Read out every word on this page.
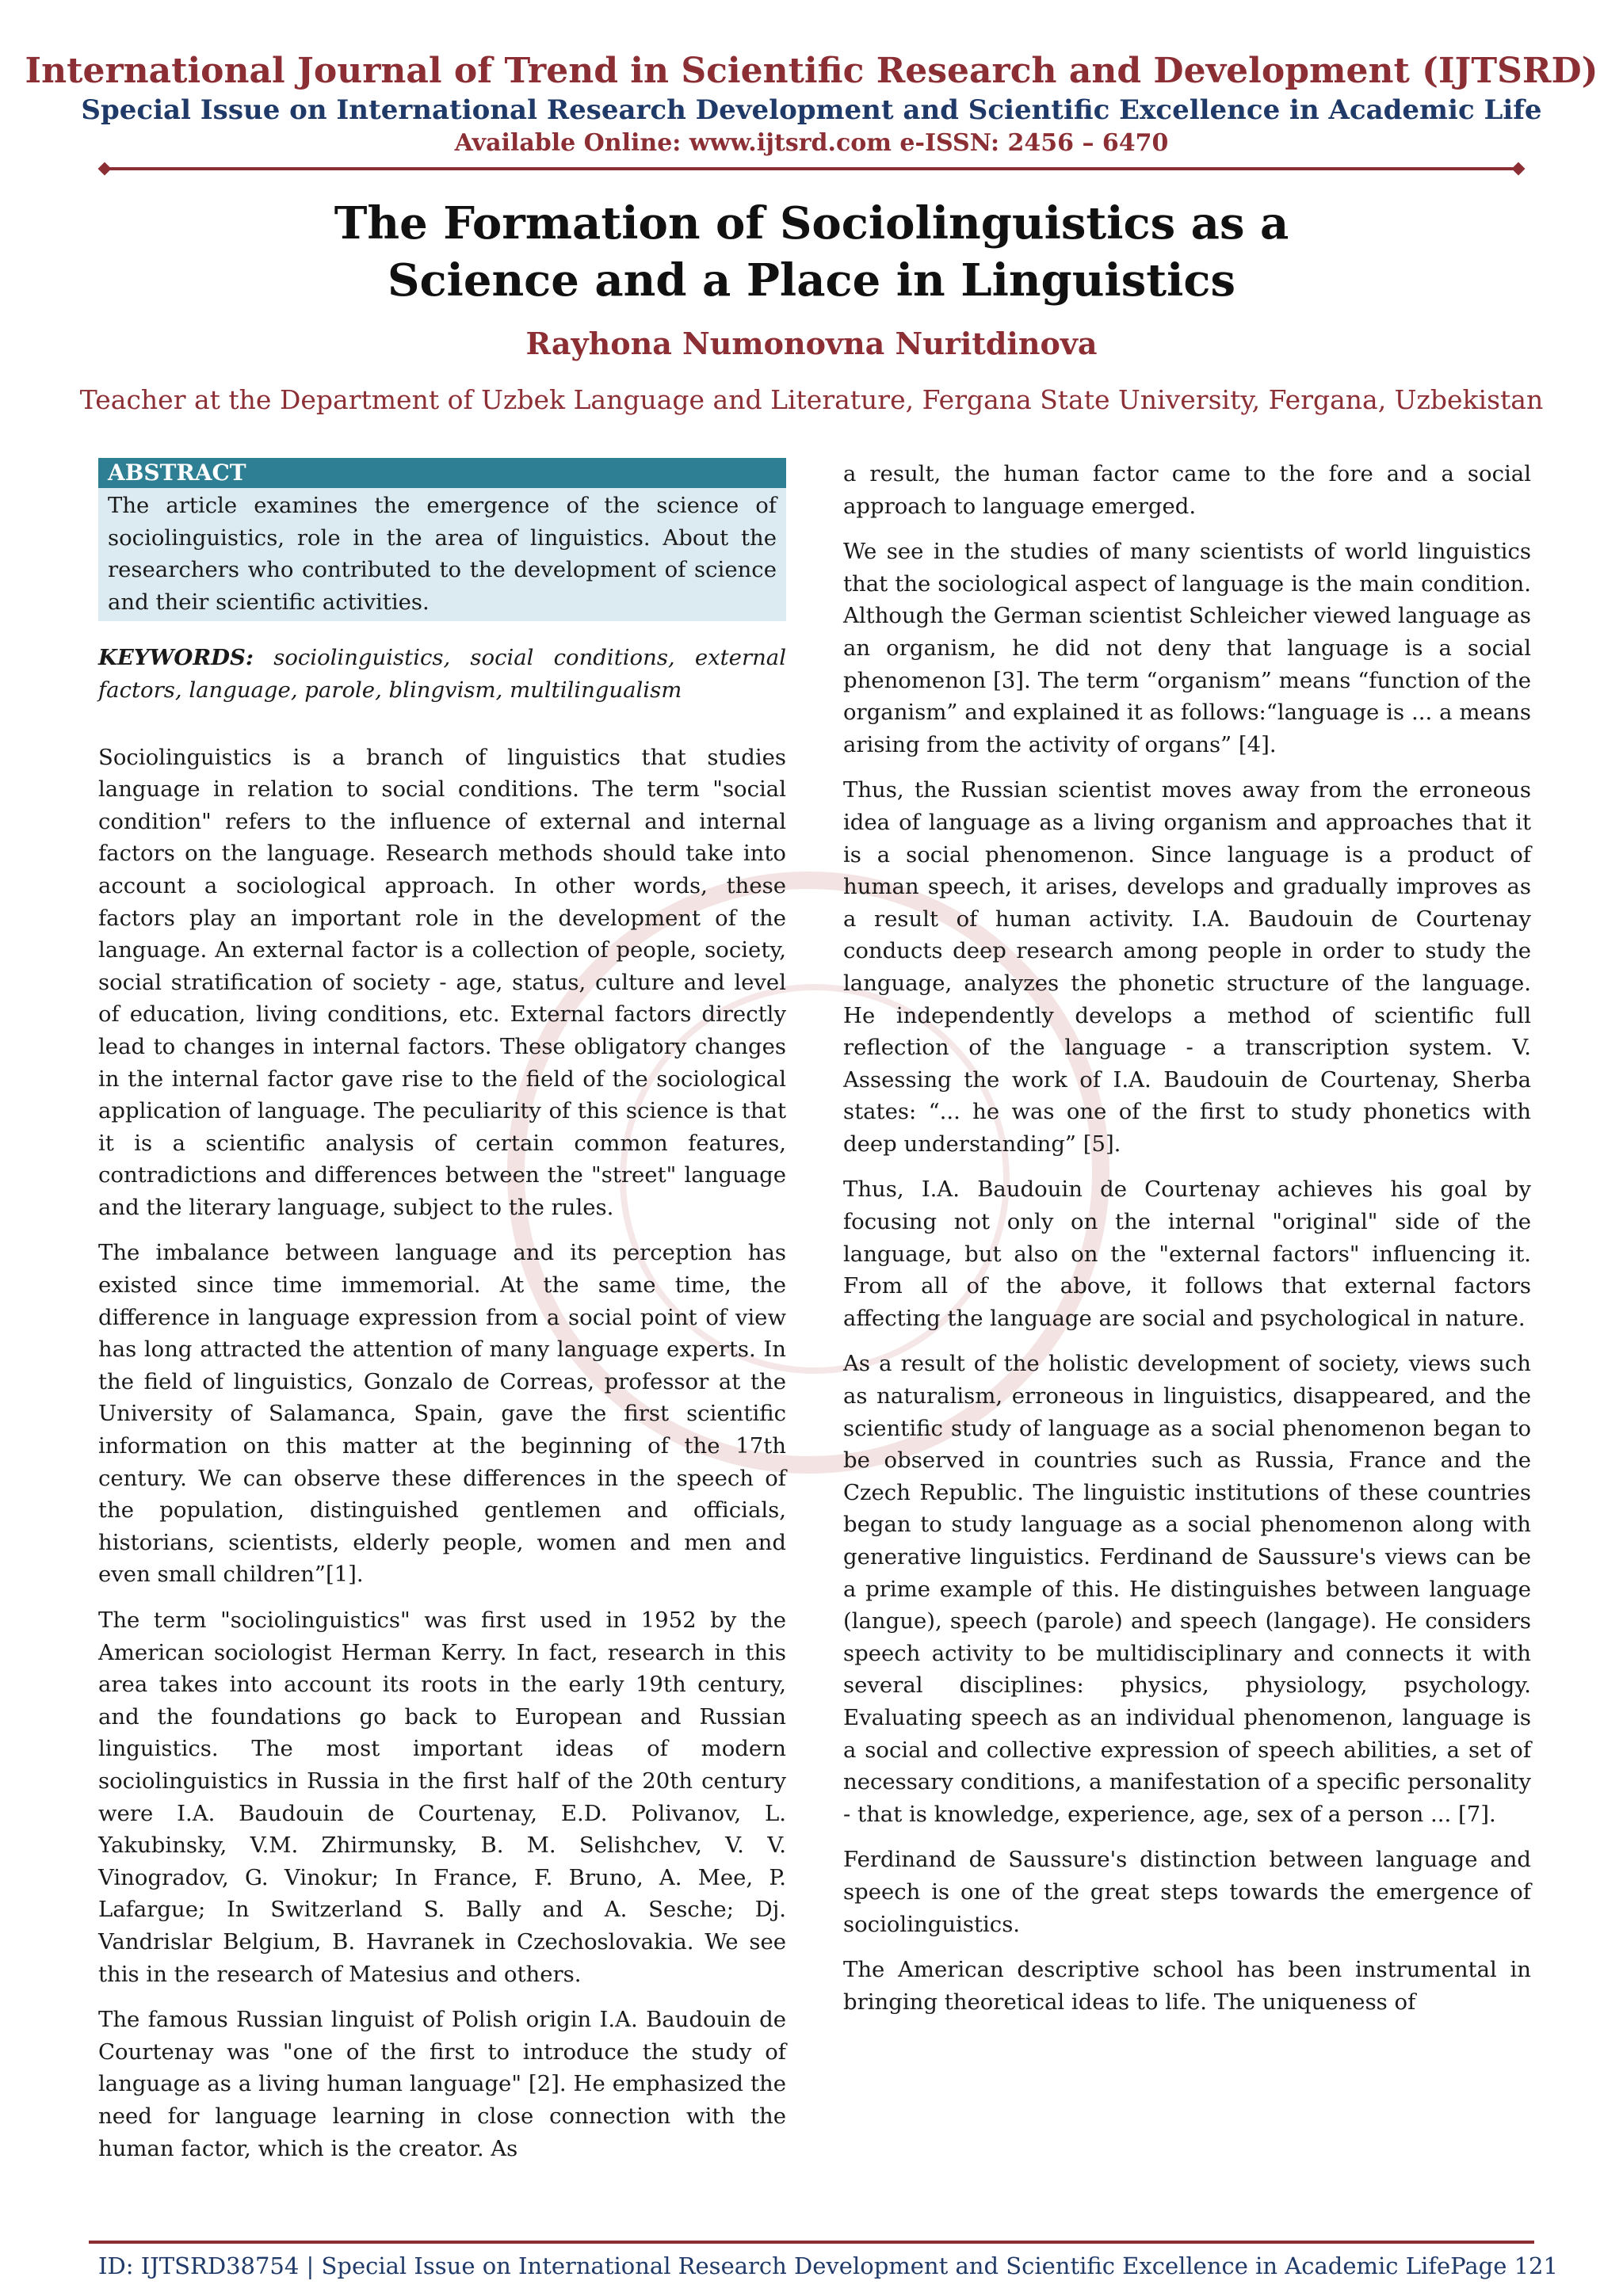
International Journal of Trend in Scientific Research and Development (IJTSRD)
Special Issue on International Research Development and Scientific Excellence in Academic Life
Available Online: www.ijtsrd.com e-ISSN: 2456 – 6470
The Formation of Sociolinguistics as a
Science and a Place in Linguistics
Rayhona Numonovna Nuritdinova
Teacher at the Department of Uzbek Language and Literature, Fergana State University, Fergana, Uzbekistan
ABSTRACT
The article examines the emergence of the science of sociolinguistics, role in the area of linguistics. About the researchers who contributed to the development of science and their scientific activities.

KEYWORDS: sociolinguistics, social conditions, external factors, language, parole, blingvism, multilingualism

Sociolinguistics is a branch of linguistics that studies language in relation to social conditions. The term "social condition" refers to the influence of external and internal factors on the language. Research methods should take into account a sociological approach. In other words, these factors play an important role in the development of the language. An external factor is a collection of people, society, social stratification of society - age, status, culture and level of education, living conditions, etc. External factors directly lead to changes in internal factors. These obligatory changes in the internal factor gave rise to the field of the sociological application of language. The peculiarity of this science is that it is a scientific analysis of certain common features, contradictions and differences between the "street" language and the literary language, subject to the rules.

The imbalance between language and its perception has existed since time immemorial. At the same time, the difference in language expression from a social point of view has long attracted the attention of many language experts. In the field of linguistics, Gonzalo de Correas, professor at the University of Salamanca, Spain, gave the first scientific information on this matter at the beginning of the 17th century. We can observe these differences in the speech of the population, distinguished gentlemen and officials, historians, scientists, elderly people, women and men and even small children”[1].

The term "sociolinguistics" was first used in 1952 by the American sociologist Herman Kerry. In fact, research in this area takes into account its roots in the early 19th century, and the foundations go back to European and Russian linguistics. The most important ideas of modern sociolinguistics in Russia in the first half of the 20th century were I.A. Baudouin de Courtenay, E.D. Polivanov, L. Yakubinsky, V.M. Zhirmunsky, B. M. Selishchev, V. V. Vinogradov, G. Vinokur; In France, F. Bruno, A. Mee, P. Lafargue; In Switzerland S. Bally and A. Sesche; Dj. Vandrislar Belgium, B. Havranek in Czechoslovakia. We see this in the research of Matesius and others.

The famous Russian linguist of Polish origin I.A. Baudouin de Courtenay was "one of the first to introduce the study of language as a living human language" [2]. He emphasized the need for language learning in close connection with the human factor, which is the creator. As

a result, the human factor came to the fore and a social approach to language emerged.

We see in the studies of many scientists of world linguistics that the sociological aspect of language is the main condition. Although the German scientist Schleicher viewed language as an organism, he did not deny that language is a social phenomenon [3]. The term “organism” means “function of the organism” and explained it as follows:“language is ... a means arising from the activity of organs” [4].

Thus, the Russian scientist moves away from the erroneous idea of language as a living organism and approaches that it is a social phenomenon. Since language is a product of human speech, it arises, develops and gradually improves as a result of human activity. I.A. Baudouin de Courtenay conducts deep research among people in order to study the language, analyzes the phonetic structure of the language. He independently develops a method of scientific full reflection of the language - a transcription system. V. Assessing the work of I.A. Baudouin de Courtenay, Sherba states: “... he was one of the first to study phonetics with deep understanding” [5].

Thus, I.A. Baudouin de Courtenay achieves his goal by focusing not only on the internal "original" side of the language, but also on the "external factors" influencing it. From all of the above, it follows that external factors affecting the language are social and psychological in nature.

As a result of the holistic development of society, views such as naturalism, erroneous in linguistics, disappeared, and the scientific study of language as a social phenomenon began to be observed in countries such as Russia, France and the Czech Republic. The linguistic institutions of these countries began to study language as a social phenomenon along with generative linguistics. Ferdinand de Saussure's views can be a prime example of this. He distinguishes between language (langue), speech (parole) and speech (langage). He considers speech activity to be multidisciplinary and connects it with several disciplines: physics, physiology, psychology. Evaluating speech as an individual phenomenon, language is a social and collective expression of speech abilities, a set of necessary conditions, a manifestation of a specific personality - that is knowledge, experience, age, sex of a person ... [7].

Ferdinand de Saussure's distinction between language and speech is one of the great steps towards the emergence of sociolinguistics.

The American descriptive school has been instrumental in bringing theoretical ideas to life. The uniqueness of

ID: IJTSRD38754 | Special Issue on International Research Development and Scientific Excellence in Academic LifePage 121
